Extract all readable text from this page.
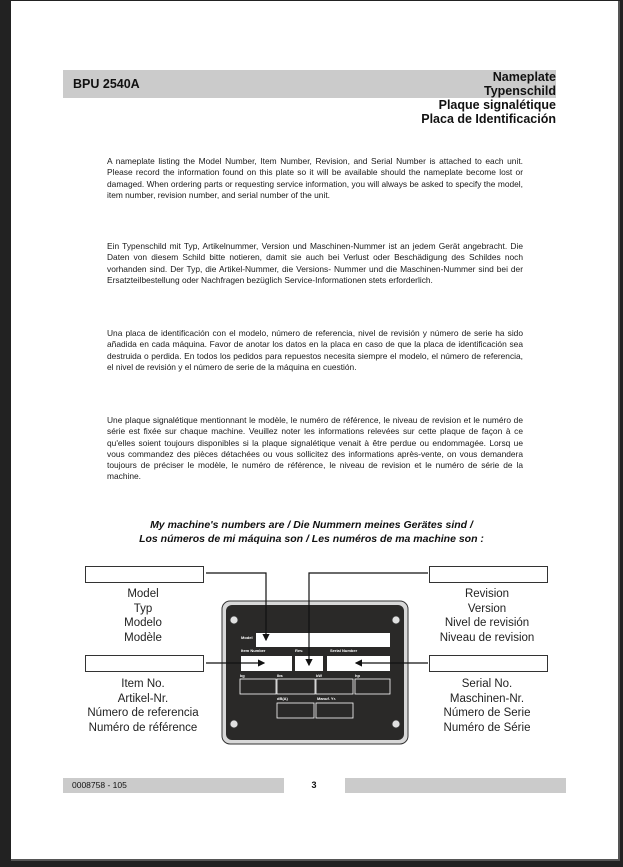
BPU 2540A	Nameplate
Typenschild
Plaque signalétique
Placa de Identificación
A nameplate listing the Model Number, Item Number, Revision, and Serial Number is attached to each unit. Please record the information found on this plate so it will be available should the nameplate become lost or damaged. When ordering parts or requesting service information, you will always be asked to specify the model, item number, revision number, and serial number of the unit.
Ein Typenschild mit Typ, Artikelnummer, Version und Maschinen-Nummer ist an jedem Gerät angebracht. Die Daten von diesem Schild bitte notieren, damit sie auch bei Verlust oder Beschädigung des Schildes noch vorhanden sind. Der Typ, die Artikel-Nummer, die Versions- Nummer und die Maschinen-Nummer sind bei der Ersatzteilbestellung oder Nachfragen bezüglich Service-Informationen stets erforderlich.
Una placa de identificación con el modelo, número de referencia, nivel de revisión y número de serie ha sido añadida en cada máquina. Favor de anotar los datos en la placa en caso de que la placa de identificación sea destruida o perdida. En todos los pedidos para repuestos necesita siempre el modelo, el número de referencia, el nivel de revisión y el número de serie de la máquina en cuestión.
Une plaque signalétique mentionnant le modèle, le numéro de référence, le niveau de revision et le numéro de série est fixée sur chaque machine. Veuillez noter les informations relevées sur cette plaque de façon à ce qu'elles soient toujours disponibles si la plaque signalétique venait à être perdue ou endommagée. Lorsq ue vous commandez des pièces détachées ou vous sollicitez des informations après-vente, on vous demandera toujours de préciser le modèle, le numéro de référence, le niveau de revision et le numéro de série de la machine.
My machine's numbers are / Die Nummern meines Gerätes sind /
Los números de mi máquina son / Les numéros de ma machine son :
Model
Item Number	Rev.	Serial Number
kg	lbs	kW	hp
dB(A)	Manuf. Yr.
Model
Typ
Modelo
Modèle
Revision
Version
Nivel de revisión
Niveau de revision
Item No.
Artikel-Nr.
Número de referencia
Numéro de référence
Serial No.
Maschinen-Nr.
Número de Serie
Numéro de Série
0008758 - 105	3
